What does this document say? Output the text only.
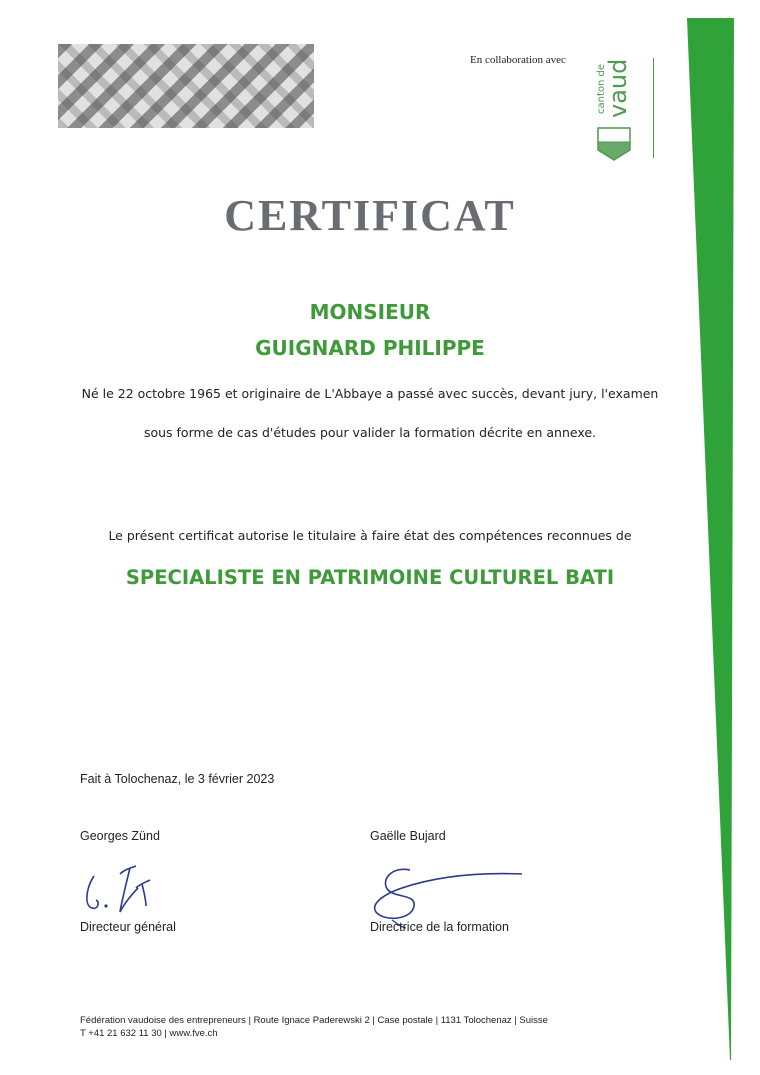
En collaboration avec
canton de
vaud
CERTIFICAT
MONSIEUR
GUIGNARD PHILIPPE
Né le 22 octobre 1965 et originaire de L'Abbaye a passé avec succès, devant jury, l'examen
sous forme de cas d'études pour valider la formation décrite en annexe.
Le présent certificat autorise le titulaire à faire état des compétences reconnues de
SPECIALISTE EN PATRIMOINE CULTUREL BATI
Fait à Tolochenaz, le 3 février 2023
Georges Zünd
Directeur général
Gaëlle Bujard
Directrice de la formation
Fédération vaudoise des entrepreneurs | Route Ignace Paderewski 2 | Case postale | 1131 Tolochenaz | Suisse
T +41 21 632 11 30 | www.fve.ch
